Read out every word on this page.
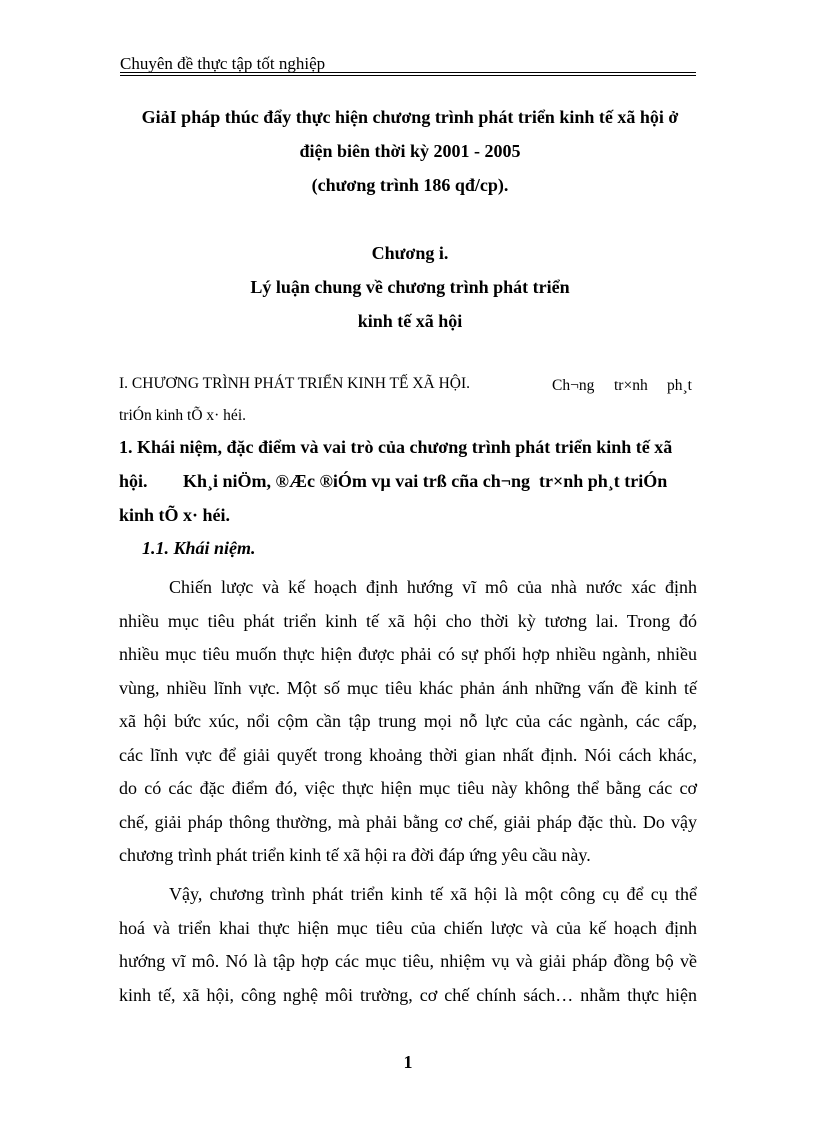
Chuyên đề thực tập tốt nghiệp
GiảI pháp thúc đẩy thực hiện chương trình phát triển kinh tế xã hội ở
điện biên thời kỳ 2001 - 2005
(chương trình 186 qđ/cp).
Chương i.
Lý luận chung về chương trình phát triển
kinh tế xã hội
I. CHƯƠNG TRÌNH PHÁT TRIỂN KINH TẾ XÃ HỘI.	Ch¬ng tr×nh ph¸t
triÓn kinh tÕ x· héi.
1. Khái niệm, đặc điểm và vai trò của chương trình phát triển kinh tế xã
hội. Kh¸i niÖm, ®Æc ®iÓm vµ vai trß cña ch¬ng  tr×nh ph¸t triÓn
kinh tÕ x· héi.
1.1. Khái niệm.
Chiến lược và kế hoạch định hướng vĩ mô của nhà nước xác định
nhiều mục tiêu phát triển kinh tế xã hội cho thời kỳ tương lai. Trong đó
nhiều mục tiêu muốn thực hiện được phải có sự phối hợp nhiều ngành, nhiều
vùng, nhiều lĩnh vực. Một số mục tiêu khác phản ánh những vấn đề kinh tế
xã hội bức xúc, nổi cộm cần tập trung mọi nỗ lực của các ngành, các cấp,
các lĩnh vực để giải quyết trong khoảng thời gian nhất định. Nói cách khác,
do có các đặc điểm đó, việc thực hiện mục tiêu này không thể bằng các cơ
chế, giải pháp thông thường, mà phải bằng cơ chế, giải pháp đặc thù. Do vậy
chương trình phát triển kinh tế xã hội ra đời đáp ứng yêu cầu này.
Vậy, chương trình phát triển kinh tế xã hội là một công cụ để cụ thể
hoá và triển khai thực hiện mục tiêu của chiến lược và của kế hoạch định
hướng vĩ mô. Nó là tập hợp các mục tiêu, nhiệm vụ và giải pháp đồng bộ về
kinh tế, xã hội, công nghệ môi trường, cơ chế chính sách… nhằm thực hiện
1
